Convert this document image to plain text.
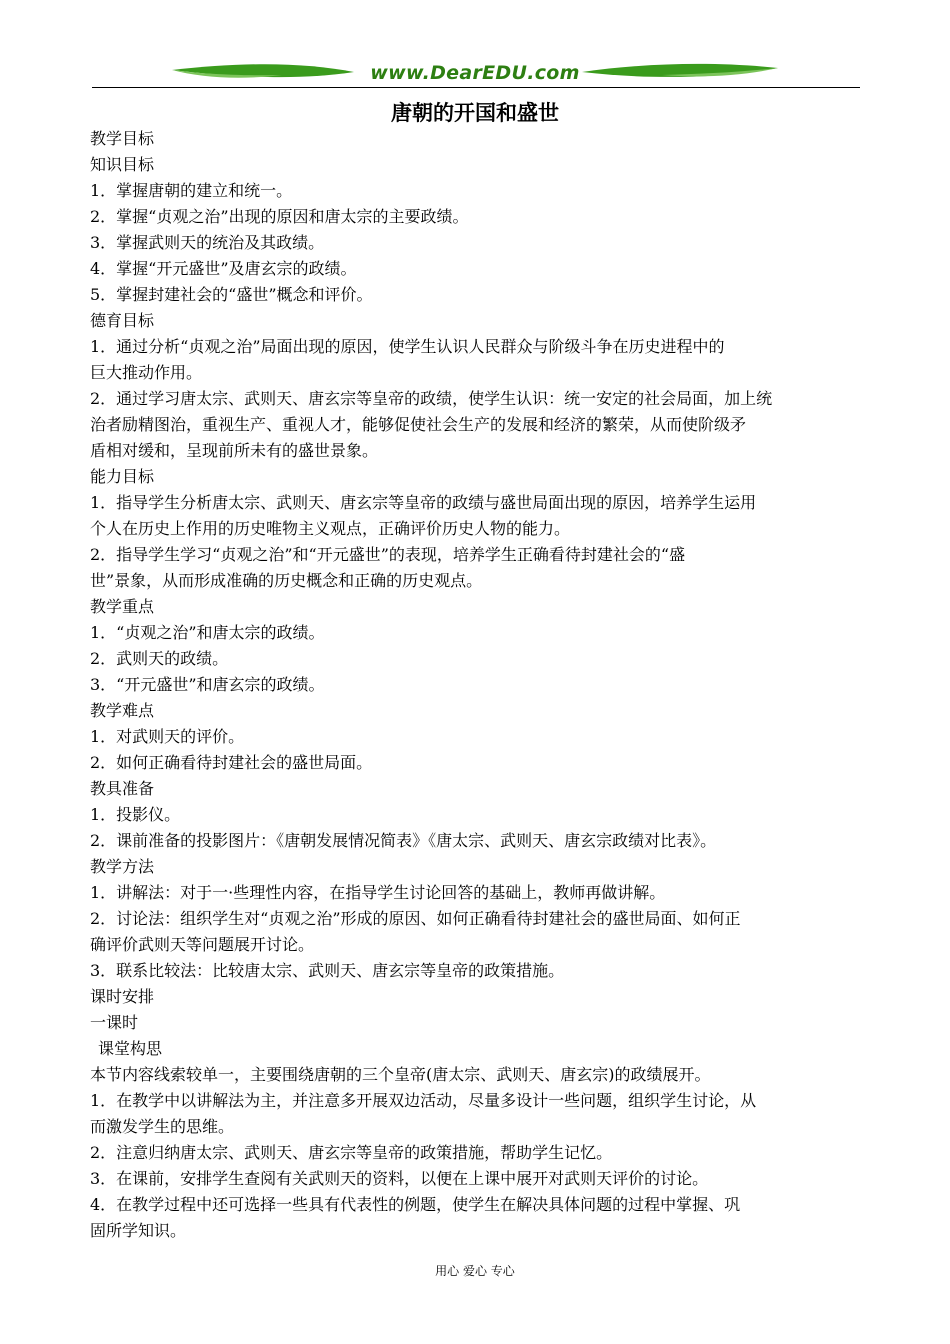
www.DearEDU.com
唐朝的开国和盛世
教学目标
知识目标
1．掌握唐朝的建立和统一。
2．掌握“贞观之治”出现的原因和唐太宗的主要政绩。
3．掌握武则天的统治及其政绩。
4．掌握“开元盛世”及唐玄宗的政绩。
5．掌握封建社会的“盛世”概念和评价。
德育目标
1．通过分析“贞观之治”局面出现的原因，使学生认识人民群众与阶级斗争在历史进程中的
巨大推动作用。
2．通过学习唐太宗、武则天、唐玄宗等皇帝的政绩，使学生认识：统一安定的社会局面，加上统
治者励精图治，重视生产、重视人才，能够促使社会生产的发展和经济的繁荣，从而使阶级矛
盾相对缓和，呈现前所未有的盛世景象。
能力目标
1．指导学生分析唐太宗、武则天、唐玄宗等皇帝的政绩与盛世局面出现的原因，培养学生运用
个人在历史上作用的历史唯物主义观点，正确评价历史人物的能力。
2．指导学生学习“贞观之治”和“开元盛世”的表现，培养学生正确看待封建社会的“盛
世”景象，从而形成准确的历史概念和正确的历史观点。
教学重点
1．“贞观之治”和唐太宗的政绩。
2．武则天的政绩。
3．“开元盛世”和唐玄宗的政绩。
教学难点
1．对武则天的评价。
2．如何正确看待封建社会的盛世局面。
教具准备
1．投影仪。
2．课前准备的投影图片：《唐朝发展情况简表》《唐太宗、武则天、唐玄宗政绩对比表》。
教学方法
1．讲解法：对于一·些理性内容，在指导学生讨论回答的基础上，教师再做讲解。
2．讨论法：组织学生对“贞观之治”形成的原因、如何正确看待封建社会的盛世局面、如何正
确评价武则天等问题展开讨论。
3．联系比较法：比较唐太宗、武则天、唐玄宗等皇帝的政策措施。
课时安排
一课时
课堂构思
本节内容线索较单一，主要围绕唐朝的三个皇帝(唐太宗、武则天、唐玄宗)的政绩展开。
1．在教学中以讲解法为主，并注意多开展双边活动，尽量多设计一些问题，组织学生讨论，从
而激发学生的思维。
2．注意归纳唐太宗、武则天、唐玄宗等皇帝的政策措施，帮助学生记忆。
3．在课前，安排学生查阅有关武则天的资料，以便在上课中展开对武则天评价的讨论。
4．在教学过程中还可选择一些具有代表性的例题，使学生在解决具体问题的过程中掌握、巩
固所学知识。
用心 爱心 专心
